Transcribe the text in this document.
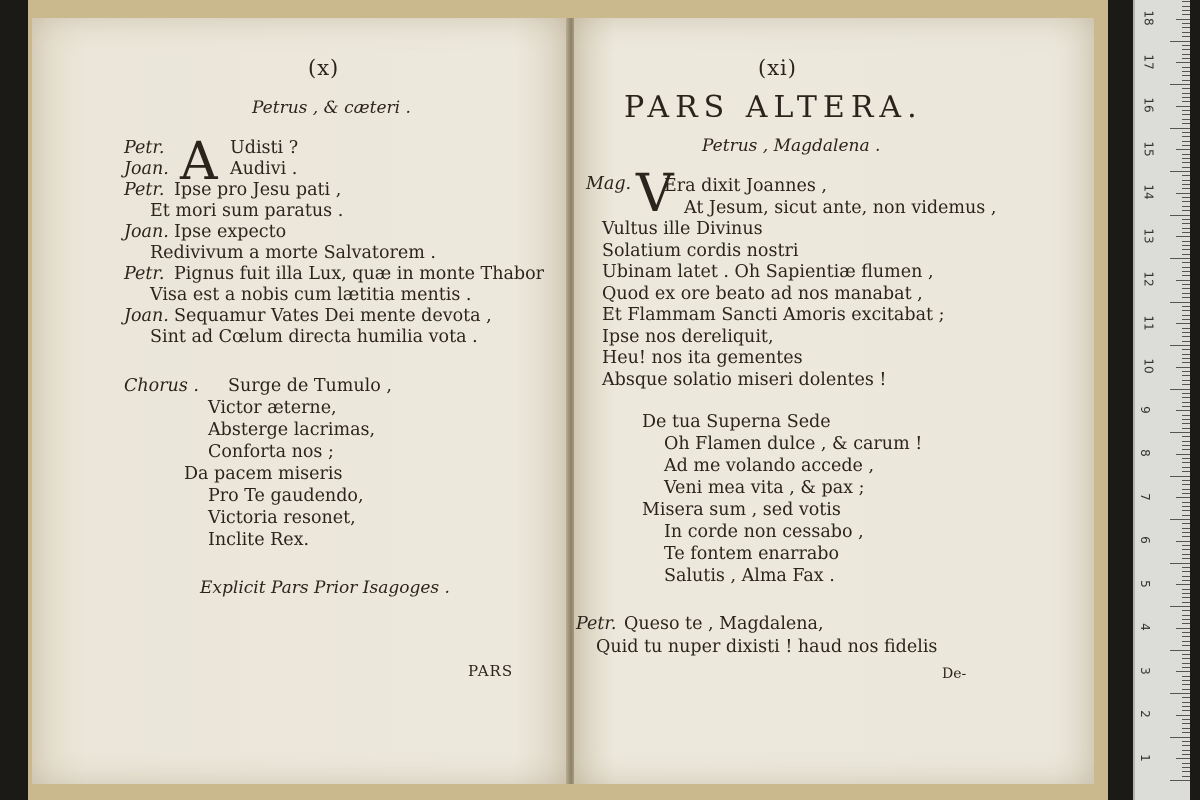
(x)
Petrus , & cæteri .
A
Petr.	Udisti ?
Joan.	Audivi .
Petr. Ipse pro Jesu pati ,
Et mori sum paratus .
Joan. Ipse expecto
Redivivum a morte Salvatorem .
Petr. Pignus fuit illa Lux, quæ in monte Thabor
Visa est a nobis cum lætitia mentis .
Joan. Sequamur Vates Dei mente devota ,
Sint ad Cœlum directa humilia vota .
Chorus . Surge de Tumulo ,
Victor æterne,
Absterge lacrimas,
Conforta nos ;
Da pacem miseris
Pro Te gaudendo,
Victoria resonet,
Inclite Rex.
Explicit Pars Prior Isagoges .
PARS
(xi)
PARS ALTERA.
Petrus , Magdalena .
Mag. V
Era dixit Joannes ,
At Jesum, sicut ante, non videmus ,
Vultus ille Divinus
Solatium cordis nostri
Ubinam latet . Oh Sapientiæ flumen ,
Quod ex ore beato ad nos manabat ,
Et Flammam Sancti Amoris excitabat ;
Ipse nos dereliquit,
Heu! nos ita gementes
Absque solatio miseri dolentes !
De tua Superna Sede
Oh Flamen dulce , & carum !
Ad me volando accede ,
Veni mea vita , & pax ;
Misera sum , sed votis
In corde non cessabo ,
Te fontem enarrabo
Salutis , Alma Fax .
Petr. Queso te , Magdalena,
Quid tu nuper dixisti ! haud nos fidelis
De-
1
2
3
4
5
6
7
8
9
10
11
12
13
14
15
16
17
18
